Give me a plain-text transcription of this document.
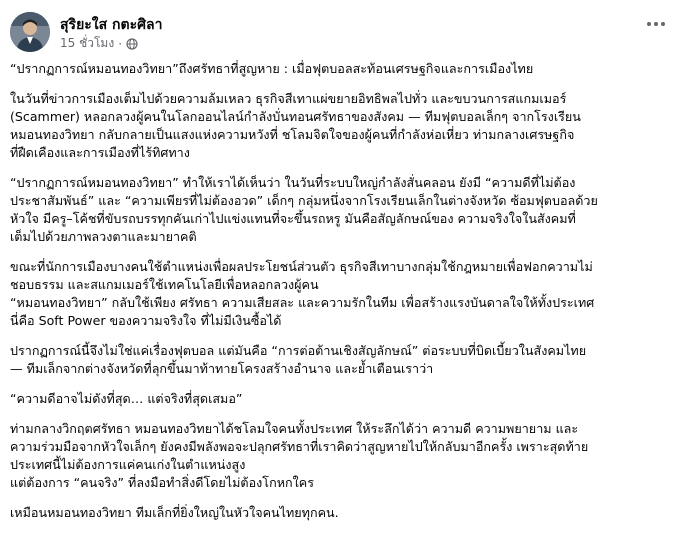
สุริยะใส กตะศิลา
15 ชั่วโมง ·

“ปรากฏการณ์หมอนทองวิทยา”ถึงศรัทธาที่สูญหาย : เมื่อฟุตบอลสะท้อนเศรษฐกิจและการเมืองไทย

ในวันที่ข่าวการเมืองเต็มไปด้วยความล้มเหลว ธุรกิจสีเทาแผ่ขยายอิทธิพลไปทั่ว และขบวนการสแกมเมอร์
(Scammer) หลอกลวงผู้คนในโลกออนไลน์กำลังบั่นทอนศรัทธาของสังคม — ทีมฟุตบอลเล็กๆ จากโรงเรียน
หมอนทองวิทยา กลับกลายเป็นแสงแห่งความหวังที่ ชโลมจิตใจของผู้คนที่กำลังห่อเหี่ยว ท่ามกลางเศรษฐกิจ
ที่ฝืดเคืองและการเมืองที่ไร้ทิศทาง

“ปรากฏการณ์หมอนทองวิทยา” ทำให้เราได้เห็นว่า ในวันที่ระบบใหญ่กำลังสั่นคลอน ยังมี “ความดีที่ไม่ต้อง
ประชาสัมพันธ์” และ “ความเพียรที่ไม่ต้องอวด” เด็กๆ กลุ่มหนึ่งจากโรงเรียนเล็กในต่างจังหวัด ซ้อมฟุตบอลด้วย
หัวใจ มีครู–โค้ชที่ขับรถบรรทุกคันเก่าไปแข่งแทนที่จะขึ้นรถหรู มันคือสัญลักษณ์ของ ความจริงใจในสังคมที่
เต็มไปด้วยภาพลวงตาและมายาคติ

ขณะที่นักการเมืองบางคนใช้ตำแหน่งเพื่อผลประโยชน์ส่วนตัว ธุรกิจสีเทาบางกลุ่มใช้กฎหมายเพื่อฟอกความไม่
ชอบธรรม และสแกมเมอร์ใช้เทคโนโลยีเพื่อหลอกลวงผู้คน
“หมอนทองวิทยา” กลับใช้เพียง ศรัทธา ความเสียสละ และความรักในทีม เพื่อสร้างแรงบันดาลใจให้ทั้งประเทศ
นี่คือ Soft Power ของความจริงใจ ที่ไม่มีเงินซื้อได้

ปรากฏการณ์นี้จึงไม่ใช่แค่เรื่องฟุตบอล แต่มันคือ “การต่อต้านเชิงสัญลักษณ์” ต่อระบบที่บิดเบี้ยวในสังคมไทย
— ทีมเล็กจากต่างจังหวัดที่ลุกขึ้นมาท้าทายโครงสร้างอำนาจ และย้ำเตือนเราว่า

“ความดีอาจไม่ดังที่สุด… แต่จริงที่สุดเสมอ”

ท่ามกลางวิกฤตศรัทธา หมอนทองวิทยาได้ชโลมใจคนทั้งประเทศ ให้ระลึกได้ว่า ความดี ความพยายาม และ
ความร่วมมือจากหัวใจเล็กๆ ยังคงมีพลังพอจะปลุกศรัทธาที่เราคิดว่าสูญหายไปให้กลับมาอีกครั้ง เพราะสุดท้าย
ประเทศนี้ไม่ต้องการแค่คนเก่งในตำแหน่งสูง
แต่ต้องการ “คนจริง” ที่ลงมือทำสิ่งดีโดยไม่ต้องโกหกใคร

เหมือนหมอนทองวิทยา ทีมเล็กที่ยิ่งใหญ่ในหัวใจคนไทยทุกคน.
